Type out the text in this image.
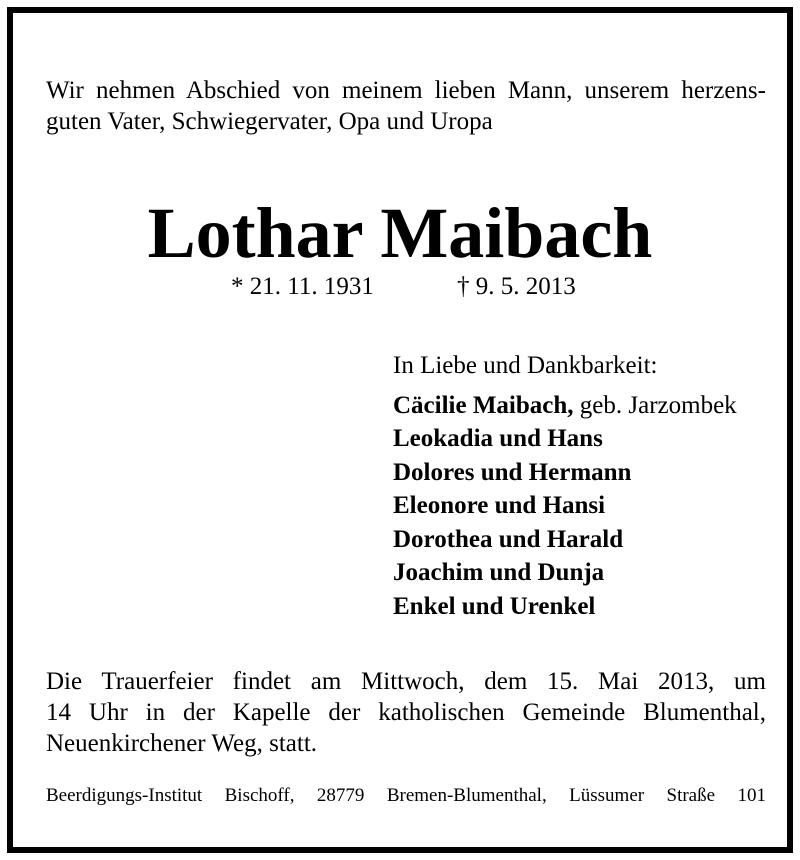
Wir nehmen Abschied von meinem lieben Mann, unserem herzens-
guten Vater, Schwiegervater, Opa und Uropa
Lothar Maibach
* 21. 11. 1931	† 9. 5. 2013
In Liebe und Dankbarkeit:
Cäcilie Maibach, geb. Jarzombek
Leokadia und Hans
Dolores und Hermann
Eleonore und Hansi
Dorothea und Harald
Joachim und Dunja
Enkel und Urenkel
Die Trauerfeier findet am Mittwoch, dem 15. Mai 2013, um
14 Uhr in der Kapelle der katholischen Gemeinde Blumenthal,
Neuenkirchener Weg, statt.
Beerdigungs-Institut Bischoff, 28779 Bremen-Blumenthal, Lüssumer Straße 101
